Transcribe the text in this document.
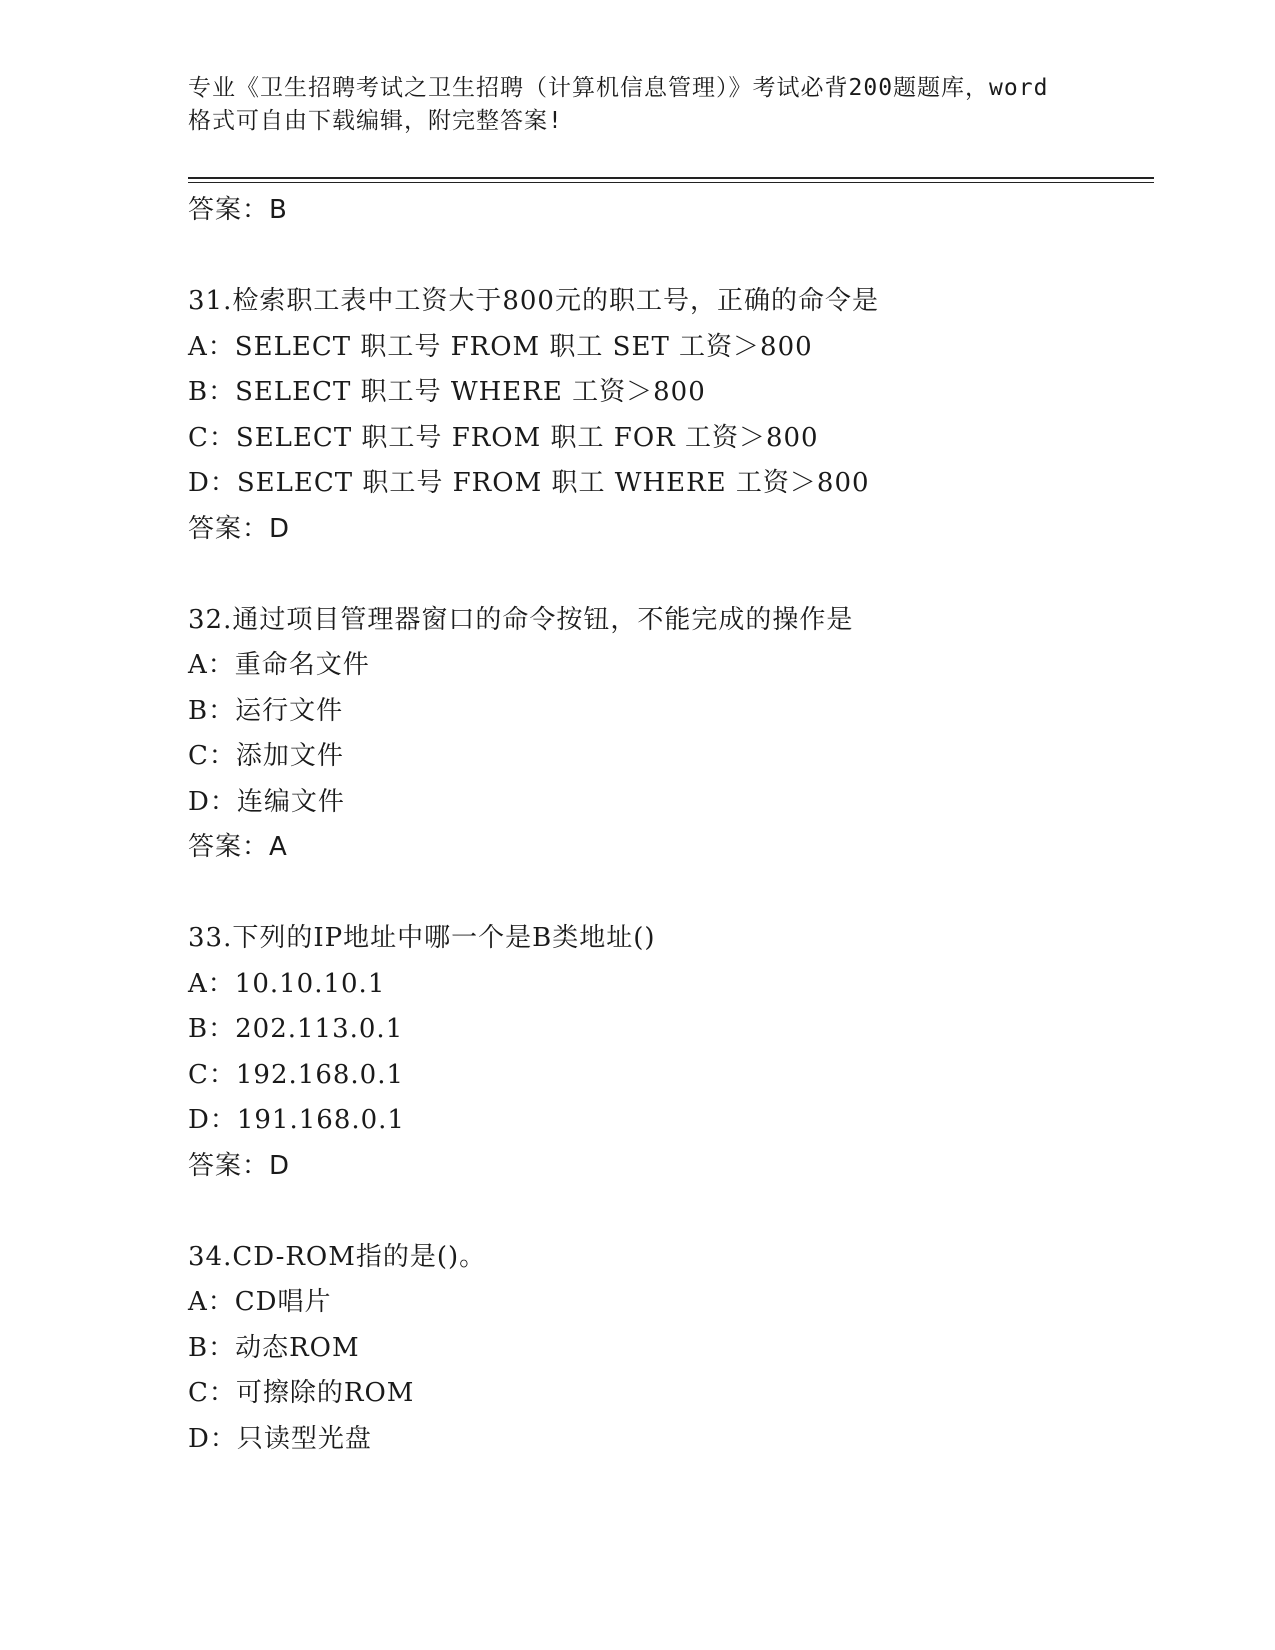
专业《卫生招聘考试之卫生招聘（计算机信息管理）》考试必背200题题库，word
格式可自由下载编辑，附完整答案!
答案：B
31.检索职工表中工资大于800元的职工号，正确的命令是
A：SELECT 职工号 FROM 职工 SET 工资＞800
B：SELECT 职工号 WHERE 工资＞800
C：SELECT 职工号 FROM 职工 FOR 工资＞800
D：SELECT 职工号 FROM 职工 WHERE 工资＞800
答案：D
32.通过项目管理器窗口的命令按钮，不能完成的操作是
A：重命名文件
B：运行文件
C：添加文件
D：连编文件
答案：A
33.下列的IP地址中哪一个是B类地址()
A：10.10.10.1
B：202.113.0.1
C：192.168.0.1
D：191.168.0.1
答案：D
34.CD-ROM指的是()。
A：CD唱片
B：动态ROM
C：可擦除的ROM
D：只读型光盘
